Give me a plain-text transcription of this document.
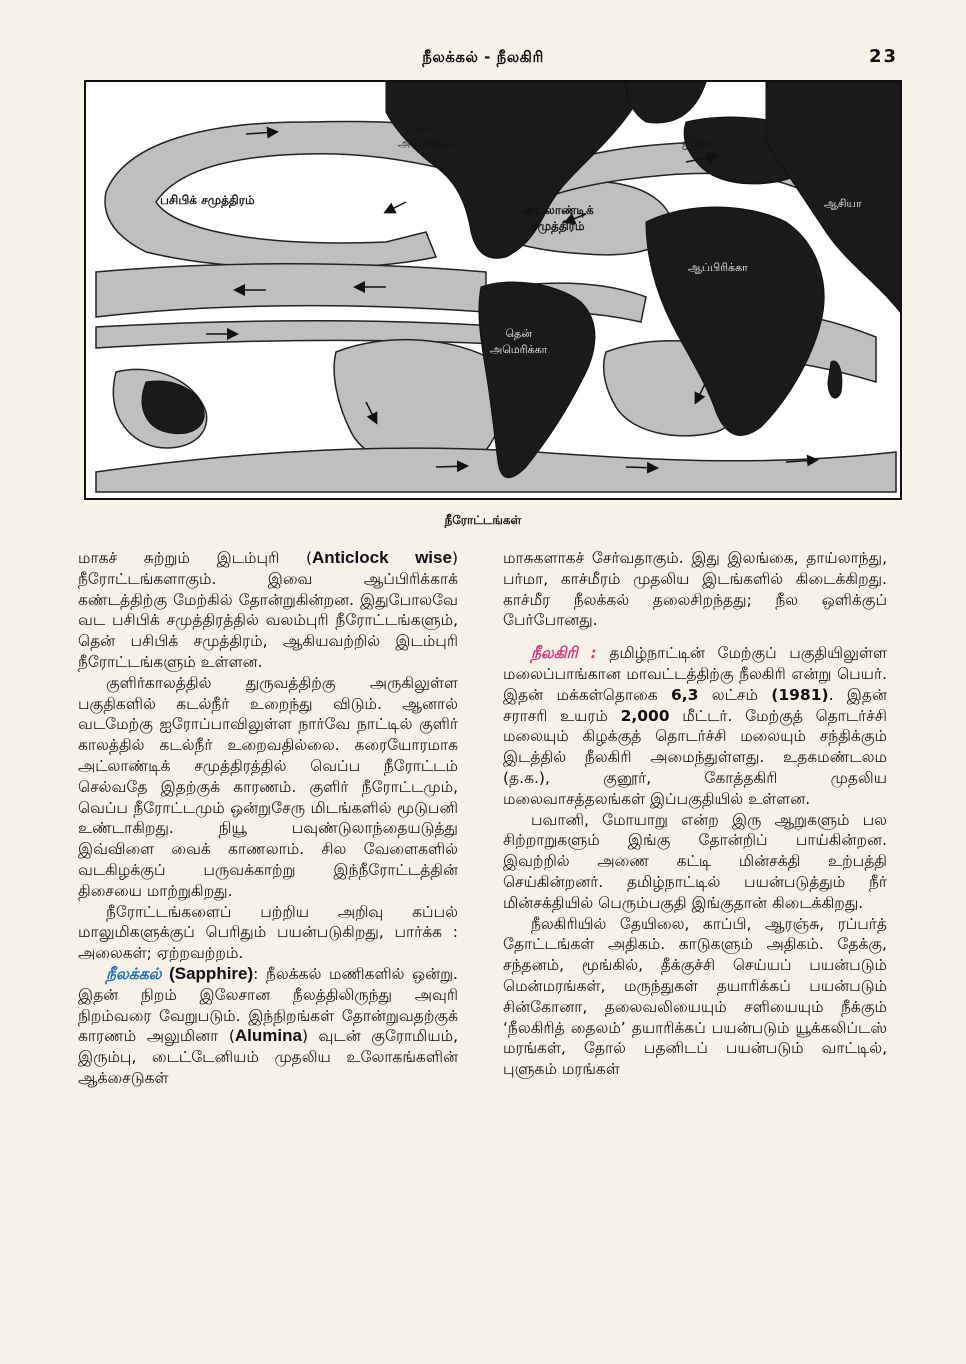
நீலக்கல் - நீலகிரி	23
வட
அமெரிக்கா	ஐரோப்பா
பசிபிக் சமுத்திரம்
அட்லாண்டிக்
சமுத்திரம்
ஆசியா
ஆப்பிரிக்கா
தென்
அமெரிக்கா
நீரோட்டங்கள்

மாகச் சுற்றும் இடம்புரி (Anticlock wise) நீரோட்டங்களாகும். இவை ஆப்பிரிக்காக் கண்டத்திற்கு மேற்கில் தோன்றுகின்றன. இதுபோலவே வட பசிபிக் சமுத்திரத்தில் வலம்புரி நீரோட்டங்களும், தென் பசிபிக் சமுத்திரம், ஆகியவற்றில் இடம்புரி நீரோட்டங்களும் உள்ளன.

குளிர்காலத்தில் துருவத்திற்கு அருகிலுள்ள பகுதிகளில் கடல்நீர் உறைந்து விடும். ஆனால் வடமேற்கு ஐரோப்பாவிலுள்ள நார்வே நாட்டில் குளிர் காலத்தில் கடல்நீர் உறைவதில்லை. கரையோரமாக அட்லாண்டிக் சமுத்திரத்தில் வெப்ப நீரோட்டம் செல்வதே இதற்குக் காரணம். குளிர் நீரோட்டமும், வெப்ப நீரோட்டமும் ஒன்றுசேரு மிடங்களில் மூடுபனி உண்டாகிறது. நியூ பவுண்டுலாந்தையடுத்து இவ்விளை வைக் காணலாம். சில வேளைகளில் வடகிழக்குப் பருவக்காற்று இந்நீரோட்டத்தின் திசையை மாற்றுகிறது.

நீரோட்டங்களைப் பற்றிய அறிவு கப்பல் மாலுமிகளுக்குப் பெரிதும் பயன்படுகிறது, பார்க்க : அலைகள்; ஏற்றவற்றம்.

நீலக்கல் (Sapphire): நீலக்கல் மணிகளில் ஒன்று. இதன் நிறம் இலேசான நீலத்திலிருந்து அவுரி நிறம்வரை வேறுபடும். இந்நிறங்கள் தோன்றுவதற்குக் காரணம் அலுமினா (Alumina) வுடன் குரோமியம், இரும்பு, டைட்டேனியம் முதலிய உலோகங்களின் ஆக்சைடுகள்

மாசுகளாகச் சேர்வதாகும். இது இலங்கை, தாய்லாந்து, பர்மா, காச்மீரம் முதலிய இடங்களில் கிடைக்கிறது. காச்மீர நீலக்கல் தலைசிறந்தது; நீல ஒளிக்குப் பேர்போனது.

நீலகிரி : தமிழ்நாட்டின் மேற்குப் பகுதியிலுள்ள மலைப்பாங்கான மாவட்டத்திற்கு நீலகிரி என்று பெயர். இதன் மக்கள்தொகை 6,3 லட்சம் (1981). இதன் சராசரி உயரம் 2,000 மீட்டர். மேற்குத் தொடர்ச்சி மலையும் கிழக்குத் தொடர்ச்சி மலையும் சந்திக்கும் இடத்தில் நீலகிரி அமைந்துள்ளது. உதகமண்டலம (த.க.), குனூர், கோத்தகிரி முதலிய மலைவாசத்தலங்கள் இப்பகுதியில் உள்ளன.

பவானி, மோயாறு என்ற இரு ஆறுகளும் பல சிற்றாறுகளும் இங்கு தோன்றிப் பாய்கின்றன. இவற்றில் அணை கட்டி மின்சக்தி உற்பத்தி செய்கின்றனர். தமிழ்நாட்டில் பயன்படுத்தும் நீர் மின்சக்தியில் பெரும்பகுதி இங்குதான் கிடைக்கிறது.

நீலகிரியில் தேயிலை, காப்பி, ஆரஞ்சு, ரப்பர்த் தோட்டங்கள் அதிகம். காடுகளும் அதிகம். தேக்கு, சந்தனம், மூங்கில், தீக்குச்சி செய்யப் பயன்படும் மென்மரங்கள், மருந்துகள் தயாரிக்கப் பயன்படும் சின்கோனா, தலைவலியையும் சளியையும் நீக்கும் ‘நீலகிரித் தைலம்’ தயாரிக்கப் பயன்படும் யூக்கலிப்டஸ் மரங்கள், தோல் பதனிடப் பயன்படும் வாட்டில், புளுகம் மரங்கள்
